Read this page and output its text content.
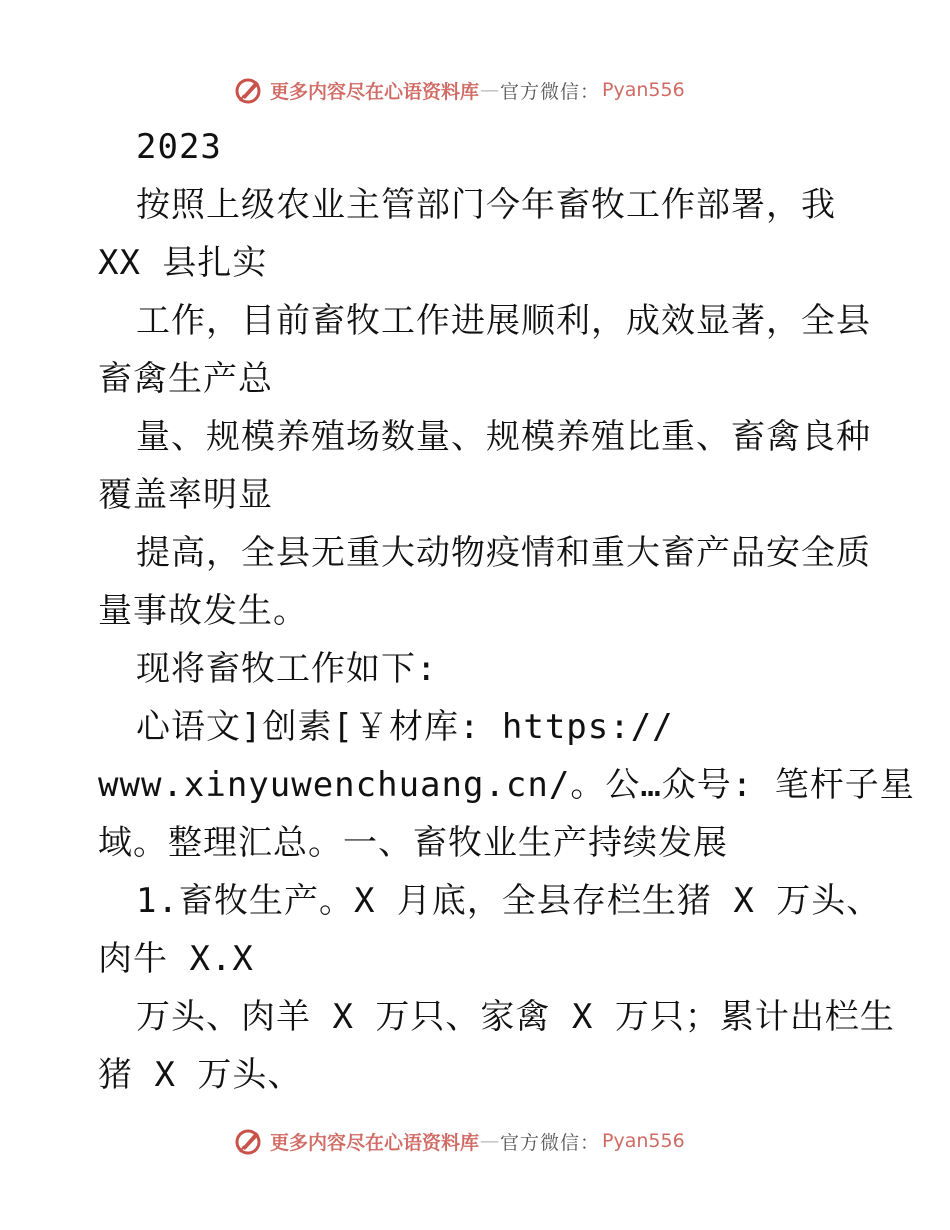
更多内容尽在心语资料库 — 官方微信： Pyan556
2023
按照上级农业主管部门今年畜牧工作部署，我
XX 县扎实
工作，目前畜牧工作进展顺利，成效显著，全县
畜禽生产总
量、规模养殖场数量、规模养殖比重、畜禽良种
覆盖率明显
提高，全县无重大动物疫情和重大畜产品安全质
量事故发生。
现将畜牧工作如下:
心语文]创素[￥材库: https://
www.xinyuwenchuang.cn/。公…众号: 笔杆子星
域。整理汇总。一、畜牧业生产持续发展
1.畜牧生产。X 月底，全县存栏生猪 X 万头、
肉牛 X.X
万头、肉羊 X 万只、家禽 X 万只；累计出栏生
猪 X 万头、
更多内容尽在心语资料库 — 官方微信： Pyan556
